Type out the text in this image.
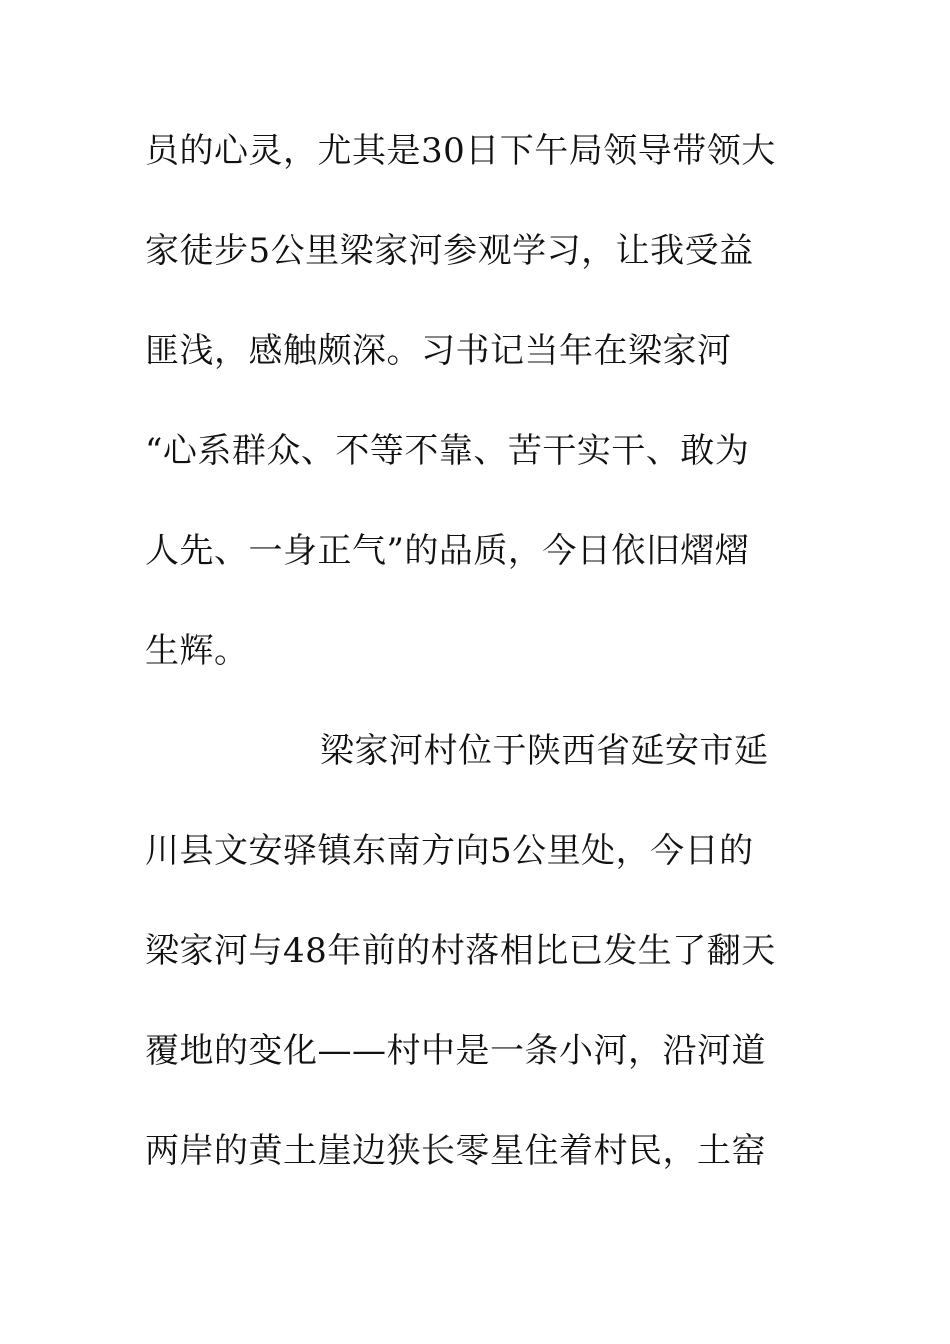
员的心灵，尤其是30日下午局领导带领大
家徒步5公里梁家河参观学习，让我受益
匪浅，感触颇深。习书记当年在梁家河
“心系群众、不等不靠、苦干实干、敢为
人先、一身正气”的品质，今日依旧熠熠
生辉。
梁家河村位于陕西省延安市延
川县文安驿镇东南方向5公里处，今日的
梁家河与48年前的村落相比已发生了翻天
覆地的变化——村中是一条小河，沿河道
两岸的黄土崖边狭长零星住着村民，土窑
